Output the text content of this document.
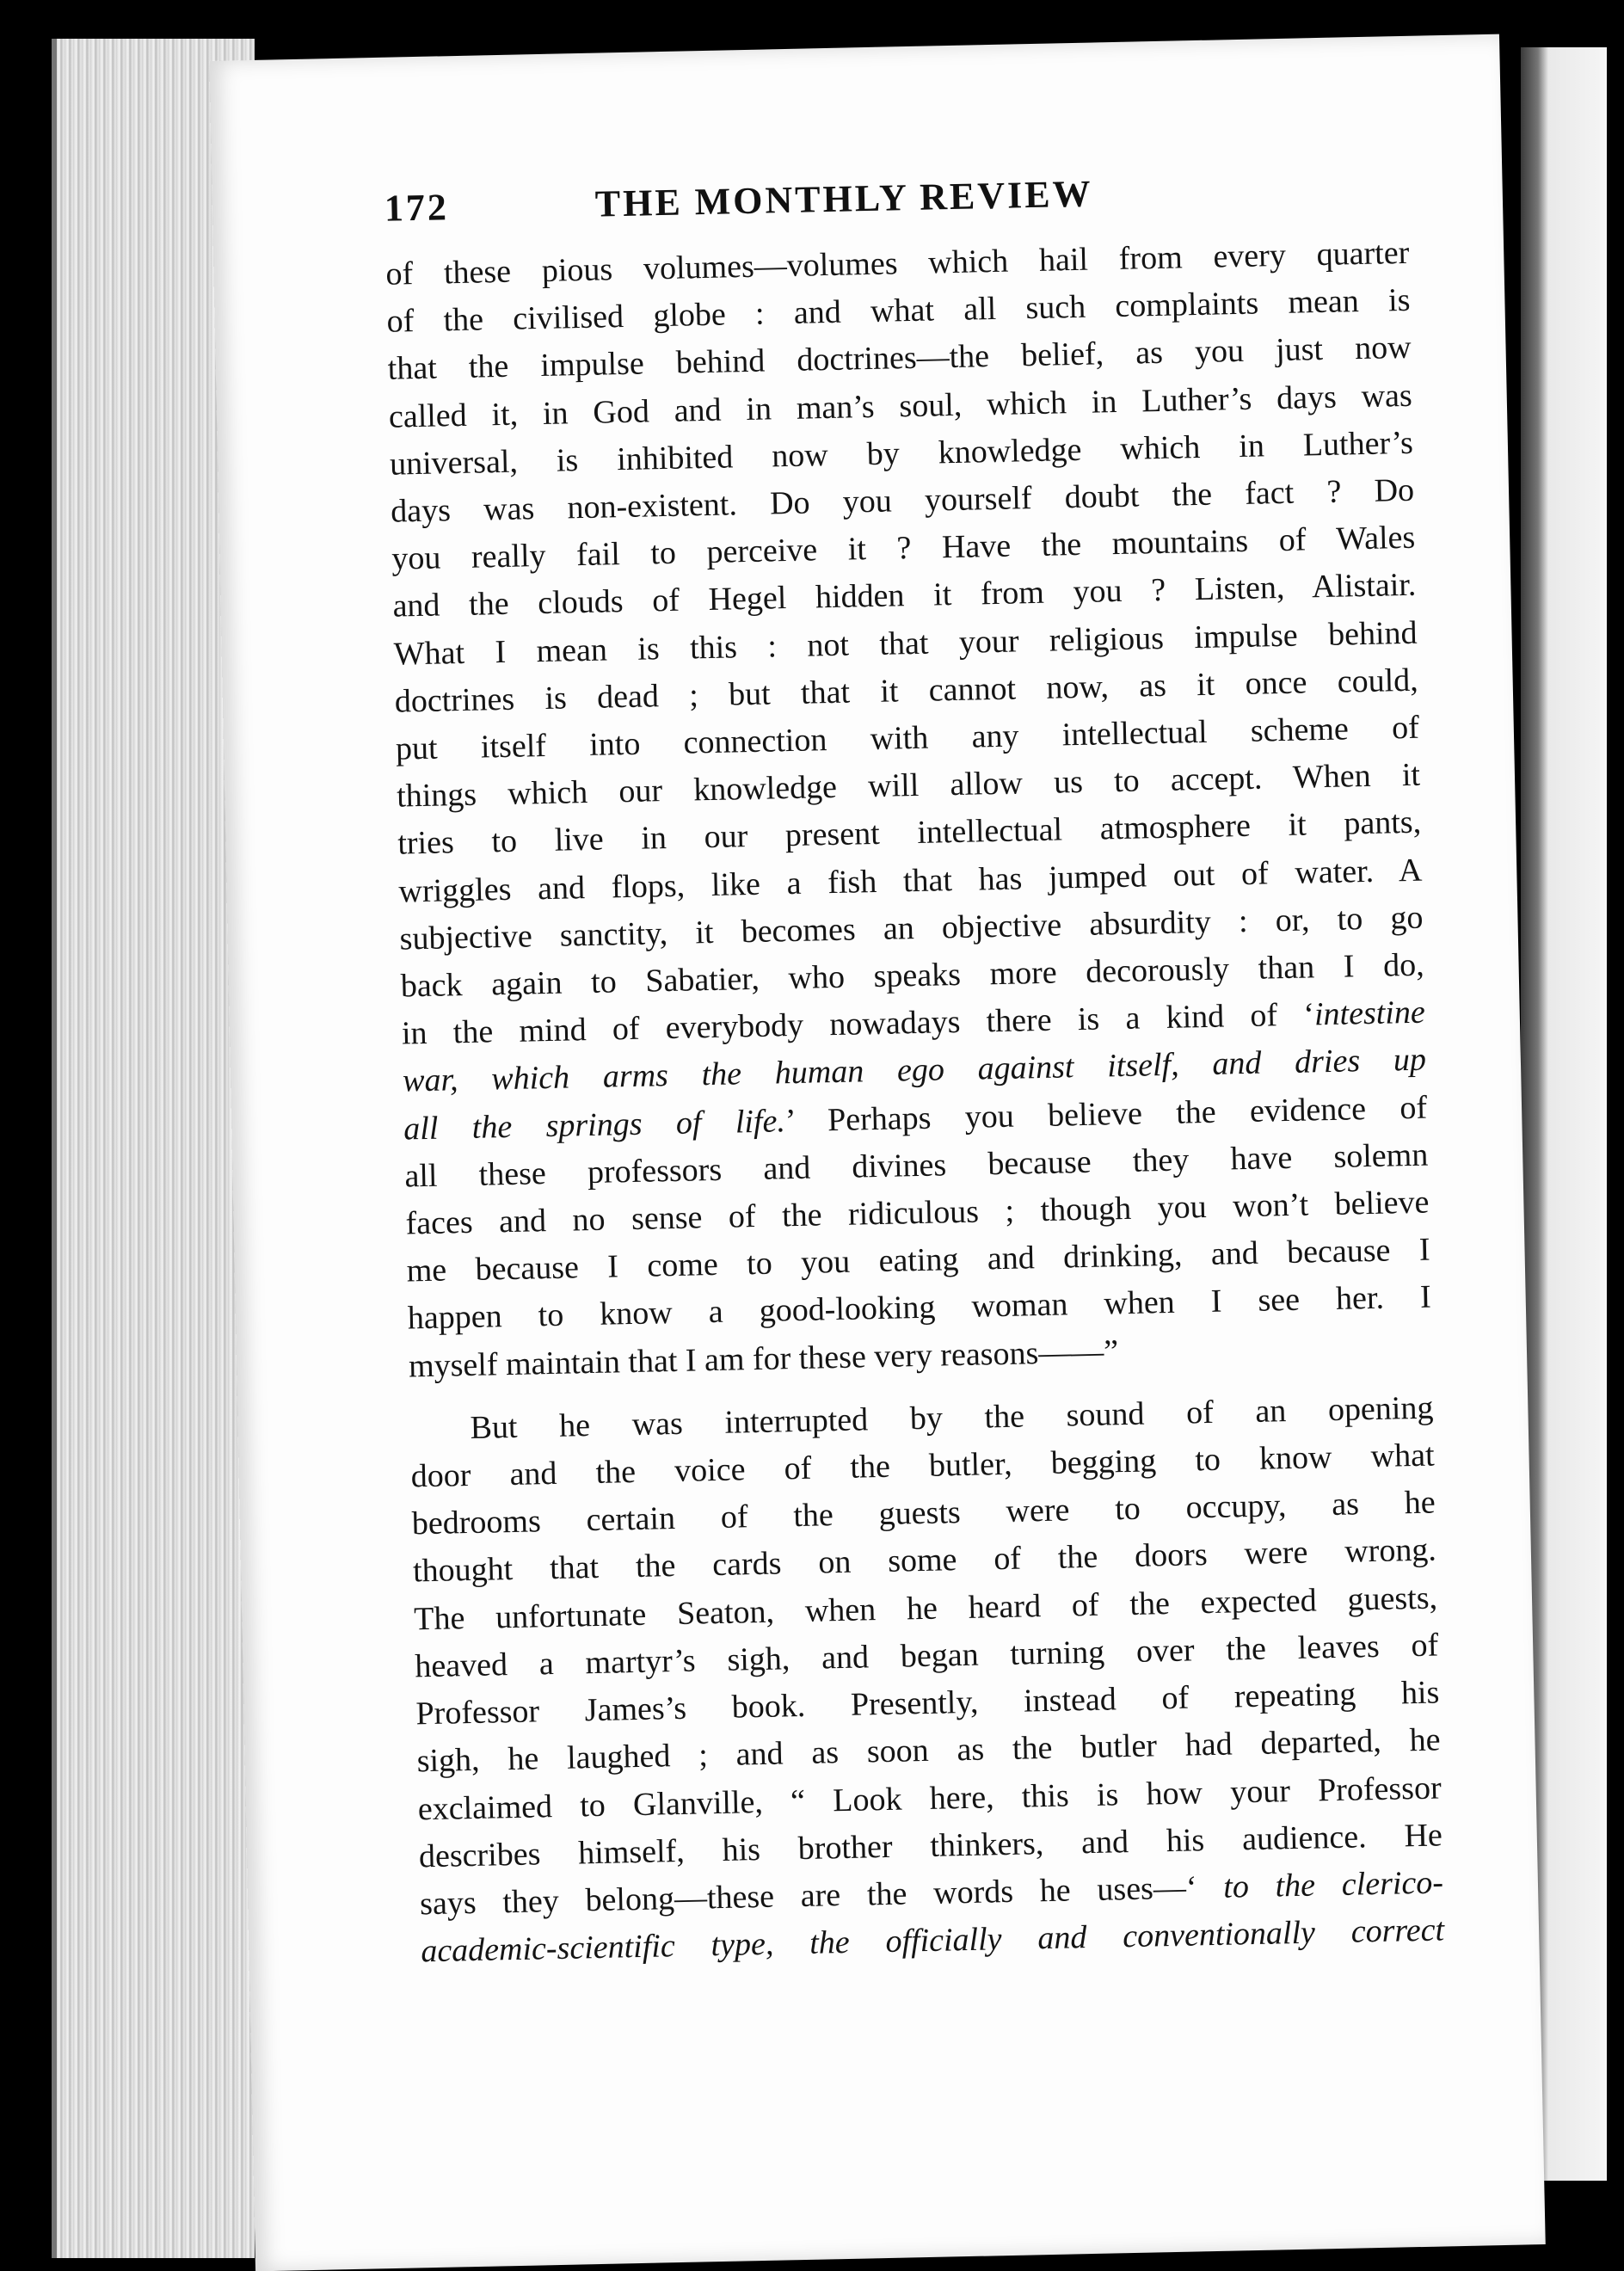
172	THE MONTHLY REVIEW
of these pious volumes—volumes which hail from every quarter
of the civilised globe : and what all such complaints mean is
that the impulse behind doctrines—the belief, as you just now
called it, in God and in man’s soul, which in Luther’s days was
universal, is inhibited now by knowledge which in Luther’s
days was non-existent. Do you yourself doubt the fact ? Do
you really fail to perceive it ? Have the mountains of Wales
and the clouds of Hegel hidden it from you ? Listen, Alistair.
What I mean is this : not that your religious impulse behind
doctrines is dead ; but that it cannot now, as it once could,
put itself into connection with any intellectual scheme of
things which our knowledge will allow us to accept. When it
tries to live in our present intellectual atmosphere it pants,
wriggles and flops, like a fish that has jumped out of water. A
subjective sanctity, it becomes an objective absurdity : or, to go
back again to Sabatier, who speaks more decorously than I do,
in the mind of everybody nowadays there is a kind of ‘intestine
war, which arms the human ego against itself, and dries up
all the springs of life.’ Perhaps you believe the evidence of
all these professors and divines because they have solemn
faces and no sense of the ridiculous ; though you won’t believe
me because I come to you eating and drinking, and because I
happen to know a good-looking woman when I see her. I
myself maintain that I am for these very reasons——”
But he was interrupted by the sound of an opening
door and the voice of the butler, begging to know what
bedrooms certain of the guests were to occupy, as he
thought that the cards on some of the doors were wrong.
The unfortunate Seaton, when he heard of the expected guests,
heaved a martyr’s sigh, and began turning over the leaves of
Professor James’s book. Presently, instead of repeating his
sigh, he laughed ; and as soon as the butler had departed, he
exclaimed to Glanville, “ Look here, this is how your Professor
describes himself, his brother thinkers, and his audience. He
says they belong—these are the words he uses—‘ to the clerico-
academic-scientific type, the officially and conventionally correct
